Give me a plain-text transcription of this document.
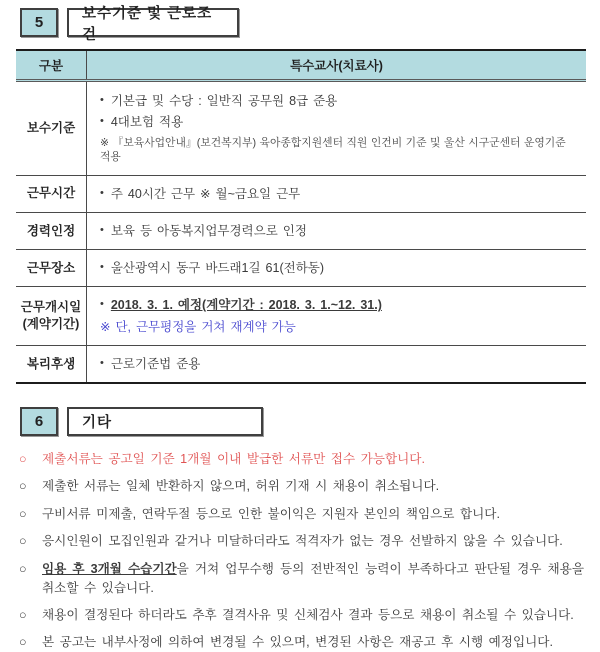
5
보수기준 및 근로조건
구분	특수교사(치료사)
보수기준
• 기본급 및 수당 : 일반직 공무원 8급 준용
• 4대보험 적용
※ 『보육사업안내』(보건복지부) 육아종합지원센터 직원 인건비 기준 및 울산 시구군센터 운영기준 적용
근무시간 • 주 40시간 근무 ※ 월~금요일 근무
경력인정 • 보육 등 아동복지업무경력으로 인정
근무장소 • 울산광역시 동구 바드래1길 61(전하동)
근무개시일
(계약기간)
• 2018. 3. 1. 예정(계약기간 : 2018. 3. 1.~12. 31.)
※ 단, 근무평정을 거쳐 재계약 가능
복리후생 • 근로기준법 준용
6	기타
○	제출서류는 공고일 기준 1개월 이내 발급한 서류만 접수 가능합니다.
○	제출한 서류는 일체 반환하지 않으며, 허위 기재 시 채용이 취소됩니다.
○	구비서류 미제출, 연락두절 등으로 인한 불이익은 지원자 본인의 책임으로 합니다.
○	응시인원이 모집인원과 같거나 미달하더라도 적격자가 없는 경우 선발하지 않을 수 있습니다.
○	임용 후 3개월 수습기간을 거쳐 업무수행 등의 전반적인 능력이 부족하다고 판단될 경우 채용을 취소할 수 있습니다.
○	채용이 결정된다 하더라도 추후 결격사유 및 신체검사 결과 등으로 채용이 취소될 수 있습니다.
○	본 공고는 내부사정에 의하여 변경될 수 있으며, 변경된 사항은 재공고 후 시행 예정입니다.
